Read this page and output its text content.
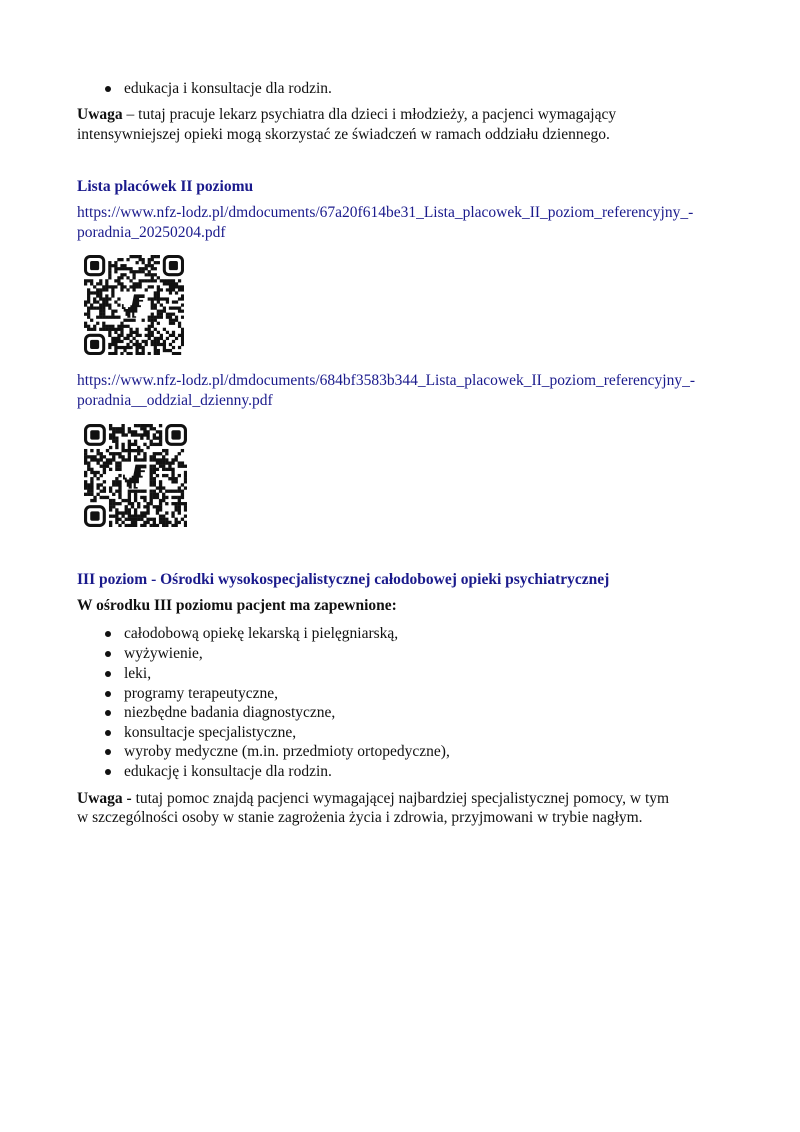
edukacja i konsultacje dla rodzin.
Uwaga – tutaj pracuje lekarz psychiatra dla dzieci i młodzieży, a pacjenci wymagający
intensywniejszej opieki mogą skorzystać ze świadczeń w ramach oddziału dziennego.
Lista placówek II poziomu
https://www.nfz-lodz.pl/dmdocuments/67a20f614be31_Lista_placowek_II_poziom_referencyjny_-
poradnia_20250204.pdf
https://www.nfz-lodz.pl/dmdocuments/684bf3583b344_Lista_placowek_II_poziom_referencyjny_-
poradnia__oddzial_dzienny.pdf
III poziom - Ośrodki wysokospecjalistycznej całodobowej opieki psychiatrycznej
W ośrodku III poziomu pacjent ma zapewnione:
całodobową opiekę lekarską i pielęgniarską,
wyżywienie,
leki,
programy terapeutyczne,
niezbędne badania diagnostyczne,
konsultacje specjalistyczne,
wyroby medyczne (m.in. przedmioty ortopedyczne),
edukację i konsultacje dla rodzin.
Uwaga - tutaj pomoc znajdą pacjenci wymagającej najbardziej specjalistycznej pomocy, w tym
w szczególności osoby w stanie zagrożenia życia i zdrowia, przyjmowani w trybie nagłym.
